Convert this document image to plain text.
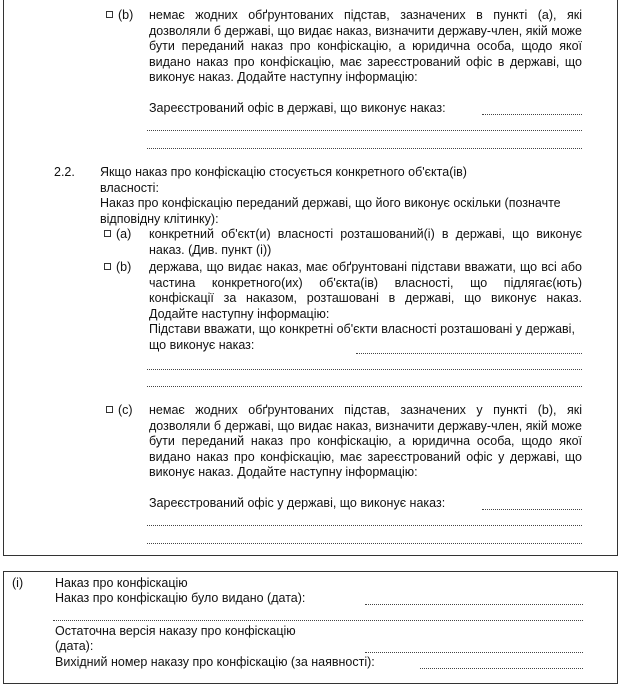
(b) немає жодних обґрунтованих підстав, зазначених в пункті (a), які дозволяли б державі, що видає наказ, визначити державу-член, якій може бути переданий наказ про конфіскацію, а юридична особа, щодо якої видано наказ про конфіскацію, має зареєстрований офіс в державі, що виконує наказ. Додайте наступну інформацію:
Зареєстрований офіс в державі, що виконує наказ:
2.2. Якщо наказ про конфіскацію стосується конкретного об'єкта(ів) власності:
Наказ про конфіскацію переданий державі, що його виконує оскільки (позначте відповідну клітинку):
(a) конкретний об'єкт(и) власності розташований(і) в державі, що виконує наказ. (Див. пункт (i))
(b) держава, що видає наказ, має обґрунтовані підстави вважати, що всі або частина конкретного(их) об'єкта(ів) власності, що підлягає(ють) конфіскації за наказом, розташовані в державі, що виконує наказ. Додайте наступну інформацію:
Підстави вважати, що конкретні об'єкти власності розташовані у державі, що виконує наказ:
(c) немає жодних обґрунтованих підстав, зазначених у пункті (b), які дозволяли б державі, що видає наказ, визначити державу-член, якій може бути переданий наказ про конфіскацію, а юридична особа, щодо якої видано наказ про конфіскацію, має зареєстрований офіс у державі, що виконує наказ. Додайте наступну інформацію:
Зареєстрований офіс у державі, що виконує наказ:
(i)	Наказ про конфіскацію
Наказ про конфіскацію було видано (дата):
Остаточна версія наказу про конфіскацію
(дата):
Вихідний номер наказу про конфіскацію (за наявності):
